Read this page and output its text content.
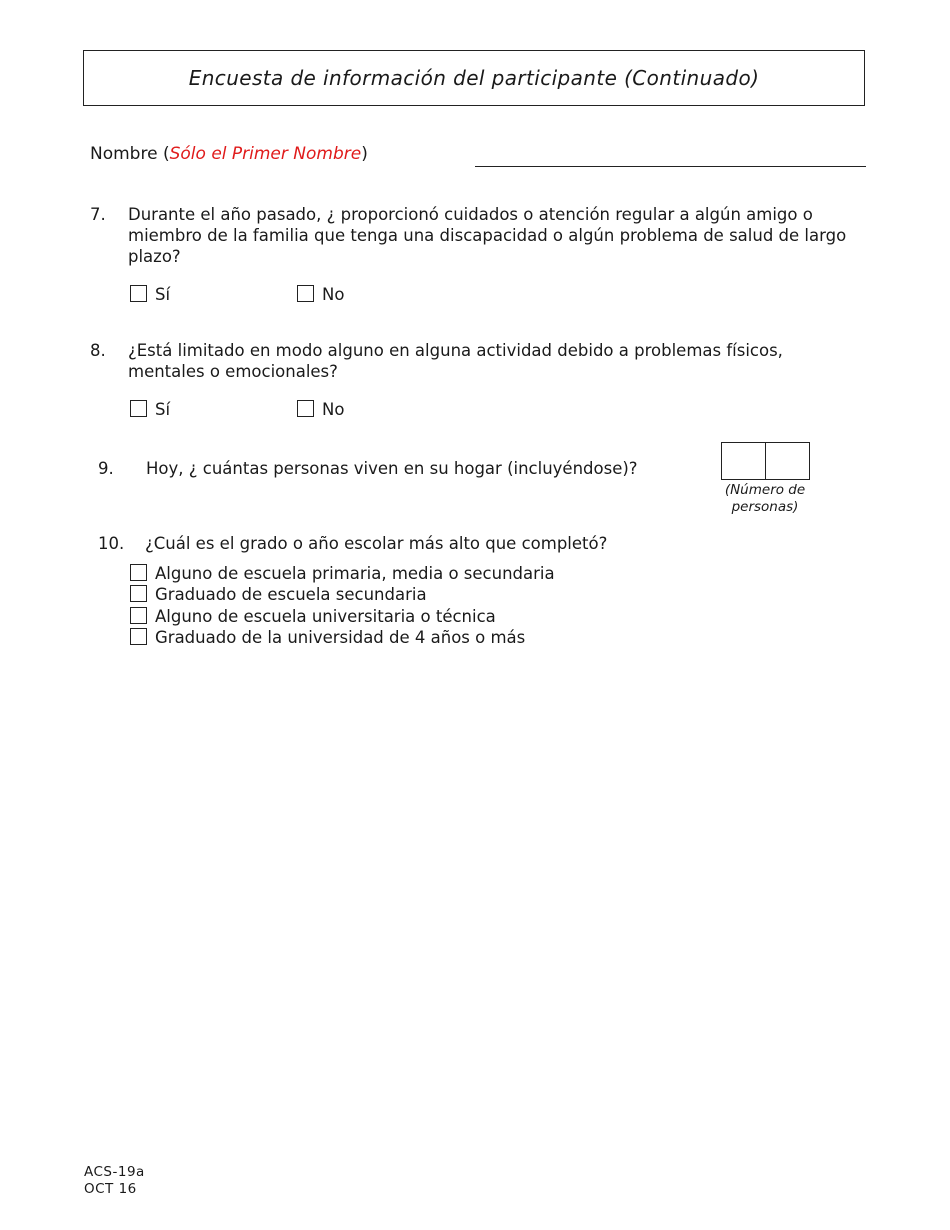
Encuesta de información del participante (Continuado)
Nombre (Sólo el Primer Nombre)
7. Durante el año pasado, ¿ proporcionó cuidados o atención regular a algún amigo o
miembro de la familia que tenga una discapacidad o algún problema de salud de largo
plazo?
Sí	No
8. ¿Está limitado en modo alguno en alguna actividad debido a problemas físicos,
mentales o emocionales?
Sí	No
9. Hoy, ¿ cuántas personas viven en su hogar (incluyéndose)?
(Número de
personas)
10. ¿Cuál es el grado o año escolar más alto que completó?
Alguno de escuela primaria, media o secundaria
Graduado de escuela secundaria
Alguno de escuela universitaria o técnica
Graduado de la universidad de 4 años o más
ACS-19a
OCT 16
